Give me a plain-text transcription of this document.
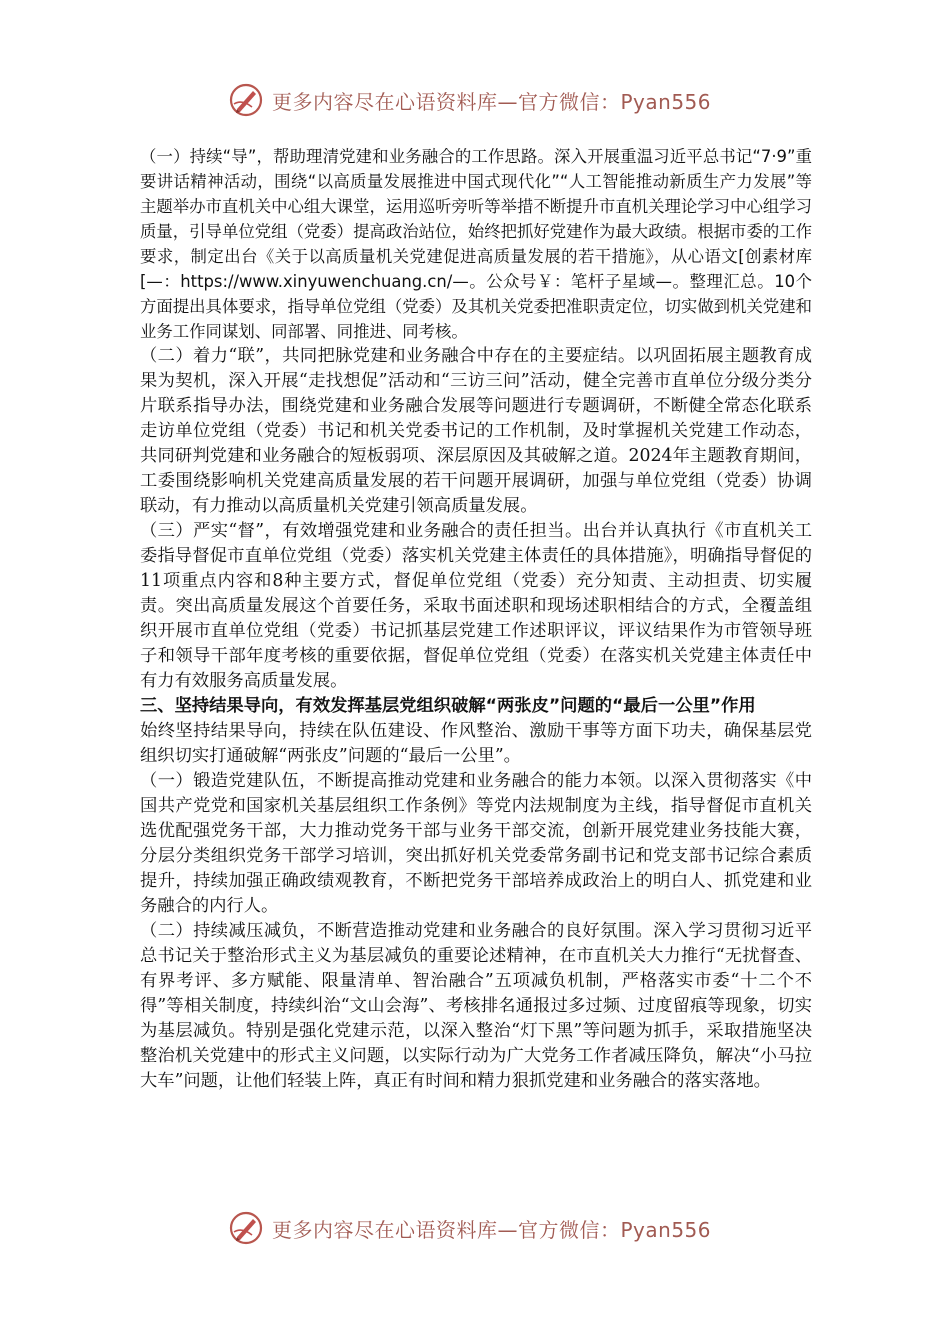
更多内容尽在心语资料库—官方微信：Pyan556

（一）持续“导”，帮助理清党建和业务融合的工作思路。深入开展重温习近平总书记“7·9”重要讲话精神活动，围绕“以高质量发展推进中国式现代化”“人工智能推动新质生产力发展”等主题举办市直机关中心组大课堂，运用巡听旁听等举措不断提升市直机关理论学习中心组学习质量，引导单位党组（党委）提高政治站位，始终把抓好党建作为最大政绩。根据市委的工作要求，制定出台《关于以高质量机关党建促进高质量发展的若干措施》，从心语文[创素材库[—：https://www.xinyuwenchuang.cn/—。公众号￥：笔杆子星域—。整理汇总。10个方面提出具体要求，指导单位党组（党委）及其机关党委把准职责定位，切实做到机关党建和业务工作同谋划、同部署、同推进、同考核。

（二）着力“联”，共同把脉党建和业务融合中存在的主要症结。以巩固拓展主题教育成果为契机，深入开展“走找想促”活动和“三访三问”活动，健全完善市直单位分级分类分片联系指导办法，围绕党建和业务融合发展等问题进行专题调研，不断健全常态化联系走访单位党组（党委）书记和机关党委书记的工作机制，及时掌握机关党建工作动态，共同研判党建和业务融合的短板弱项、深层原因及其破解之道。2024年主题教育期间，工委围绕影响机关党建高质量发展的若干问题开展调研，加强与单位党组（党委）协调联动，有力推动以高质量机关党建引领高质量发展。

（三）严实“督”，有效增强党建和业务融合的责任担当。出台并认真执行《市直机关工委指导督促市直单位党组（党委）落实机关党建主体责任的具体措施》，明确指导督促的11项重点内容和8种主要方式，督促单位党组（党委）充分知责、主动担责、切实履责。突出高质量发展这个首要任务，采取书面述职和现场述职相结合的方式，全覆盖组织开展市直单位党组（党委）书记抓基层党建工作述职评议，评议结果作为市管领导班子和领导干部年度考核的重要依据，督促单位党组（党委）在落实机关党建主体责任中有力有效服务高质量发展。

三、坚持结果导向，有效发挥基层党组织破解“两张皮”问题的“最后一公里”作用

始终坚持结果导向，持续在队伍建设、作风整治、激励干事等方面下功夫，确保基层党组织切实打通破解“两张皮”问题的“最后一公里”。

（一）锻造党建队伍，不断提高推动党建和业务融合的能力本领。以深入贯彻落实《中国共产党党和国家机关基层组织工作条例》等党内法规制度为主线，指导督促市直机关选优配强党务干部，大力推动党务干部与业务干部交流，创新开展党建业务技能大赛，分层分类组织党务干部学习培训，突出抓好机关党委常务副书记和党支部书记综合素质提升，持续加强正确政绩观教育，不断把党务干部培养成政治上的明白人、抓党建和业务融合的内行人。

（二）持续减压减负，不断营造推动党建和业务融合的良好氛围。深入学习贯彻习近平总书记关于整治形式主义为基层减负的重要论述精神，在市直机关大力推行“无扰督查、有界考评、多方赋能、限量清单、智治融合”五项减负机制，严格落实市委“十二个不得”等相关制度，持续纠治“文山会海”、考核排名通报过多过频、过度留痕等现象，切实为基层减负。特别是强化党建示范，以深入整治“灯下黑”等问题为抓手，采取措施坚决整治机关党建中的形式主义问题，以实际行动为广大党务工作者减压降负，解决“小马拉大车”问题，让他们轻装上阵，真正有时间和精力狠抓党建和业务融合的落实落地。

更多内容尽在心语资料库—官方微信：Pyan556
